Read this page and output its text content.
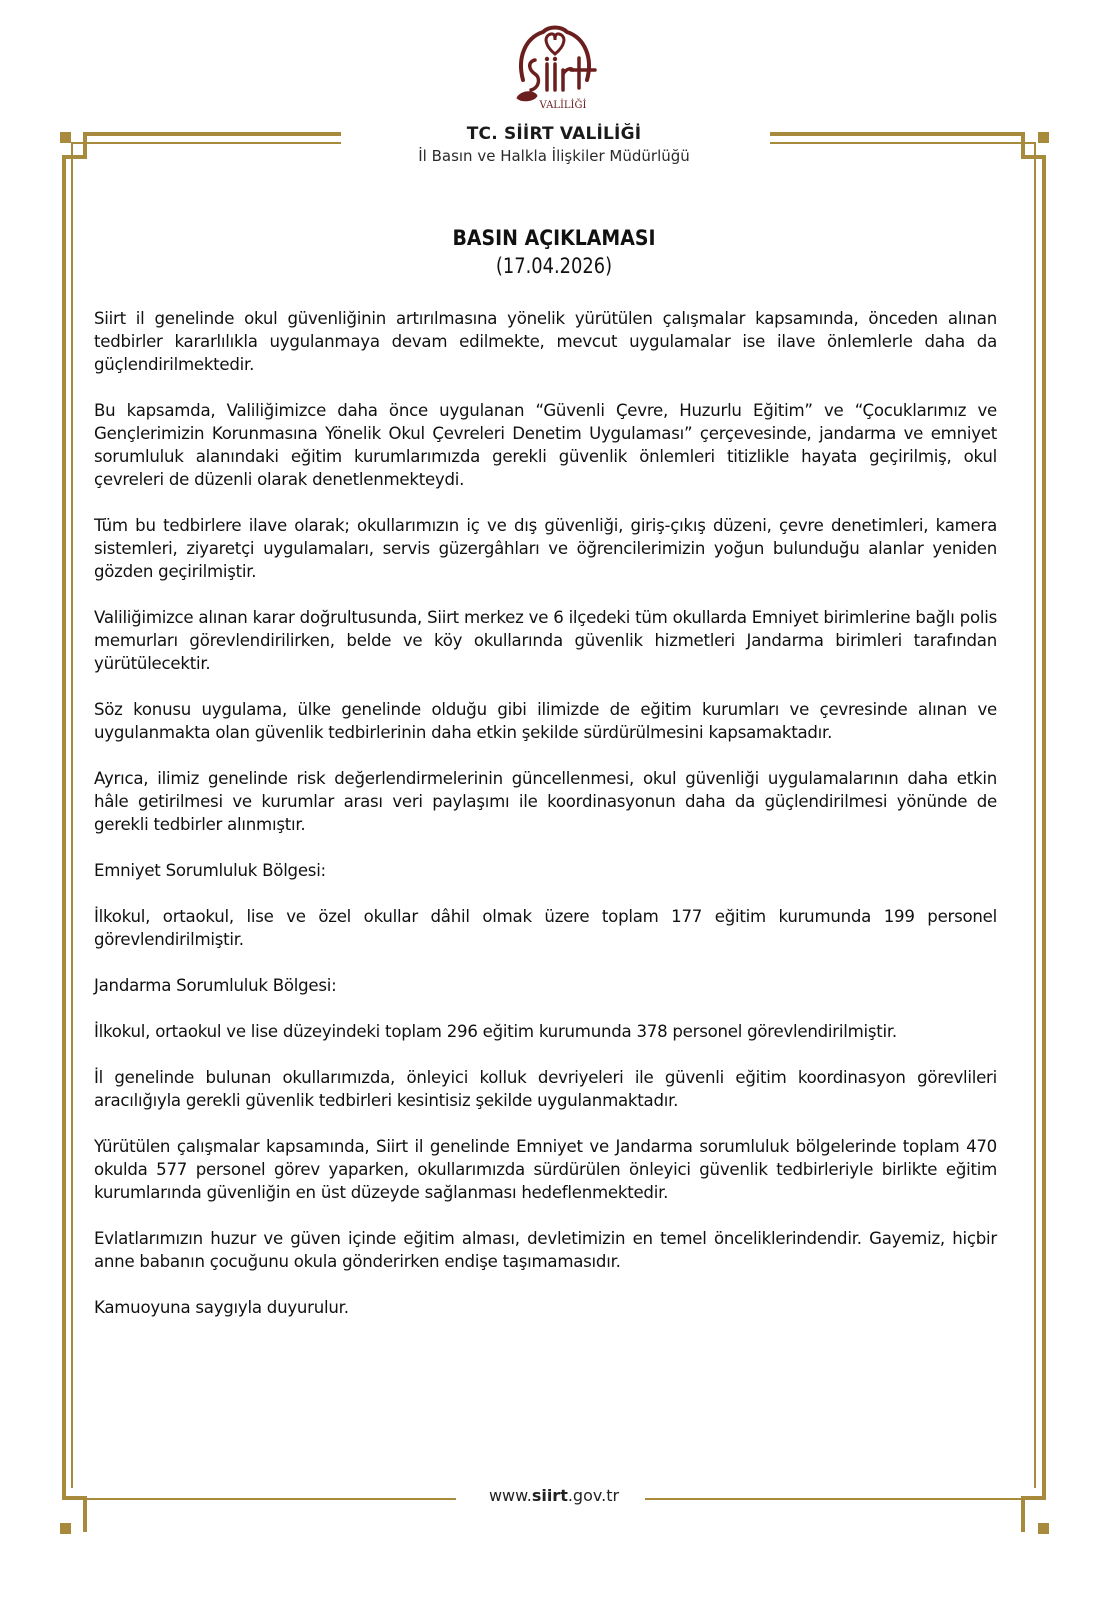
VALİLİĞİ
TC. SİİRT VALİLİĞİ
İl Basın ve Halkla İlişkiler Müdürlüğü
BASIN AÇIKLAMASI
(17.04.2026)

Siirt il genelinde okul güvenliğinin artırılmasına yönelik yürütülen çalışmalar kapsamında, önceden alınan tedbirler kararlılıkla uygulanmaya devam edilmekte, mevcut uygulamalar ise ilave önlemlerle daha da güçlendirilmektedir.

Bu kapsamda, Valiliğimizce daha önce uygulanan “Güvenli Çevre, Huzurlu Eğitim” ve “Çocuklarımız ve Gençlerimizin Korunmasına Yönelik Okul Çevreleri Denetim Uygulaması” çerçevesinde, jandarma ve emniyet sorumluluk alanındaki eğitim kurumlarımızda gerekli güvenlik önlemleri titizlikle hayata geçirilmiş, okul çevreleri de düzenli olarak denetlenmekteydi.

Tüm bu tedbirlere ilave olarak; okullarımızın iç ve dış güvenliği, giriş-çıkış düzeni, çevre denetimleri, kamera sistemleri, ziyaretçi uygulamaları, servis güzergâhları ve öğrencilerimizin yoğun bulunduğu alanlar yeniden gözden geçirilmiştir.

Valiliğimizce alınan karar doğrultusunda, Siirt merkez ve 6 ilçedeki tüm okullarda Emniyet birimlerine bağlı polis memurları görevlendirilirken, belde ve köy okullarında güvenlik hizmetleri Jandarma birimleri tarafından yürütülecektir.

Söz konusu uygulama, ülke genelinde olduğu gibi ilimizde de eğitim kurumları ve çevresinde alınan ve uygulanmakta olan güvenlik tedbirlerinin daha etkin şekilde sürdürülmesini kapsamaktadır.

Ayrıca, ilimiz genelinde risk değerlendirmelerinin güncellenmesi, okul güvenliği uygulamalarının daha etkin hâle getirilmesi ve kurumlar arası veri paylaşımı ile koordinasyonun daha da güçlendirilmesi yönünde de gerekli tedbirler alınmıştır.

Emniyet Sorumluluk Bölgesi:

İlkokul, ortaokul, lise ve özel okullar dâhil olmak üzere toplam 177 eğitim kurumunda 199 personel görevlendirilmiştir.

Jandarma Sorumluluk Bölgesi:

İlkokul, ortaokul ve lise düzeyindeki toplam 296 eğitim kurumunda 378 personel görevlendirilmiştir.

İl genelinde bulunan okullarımızda, önleyici kolluk devriyeleri ile güvenli eğitim koordinasyon görevlileri aracılığıyla gerekli güvenlik tedbirleri kesintisiz şekilde uygulanmaktadır.

Yürütülen çalışmalar kapsamında, Siirt il genelinde Emniyet ve Jandarma sorumluluk bölgelerinde toplam 470 okulda 577 personel görev yaparken, okullarımızda sürdürülen önleyici güvenlik tedbirleriyle birlikte eğitim kurumlarında güvenliğin en üst düzeyde sağlanması hedeflenmektedir.

Evlatlarımızın huzur ve güven içinde eğitim alması, devletimizin en temel önceliklerindendir. Gayemiz, hiçbir anne babanın çocuğunu okula gönderirken endişe taşımamasıdır.

Kamuoyuna saygıyla duyurulur.

www.siirt.gov.tr
